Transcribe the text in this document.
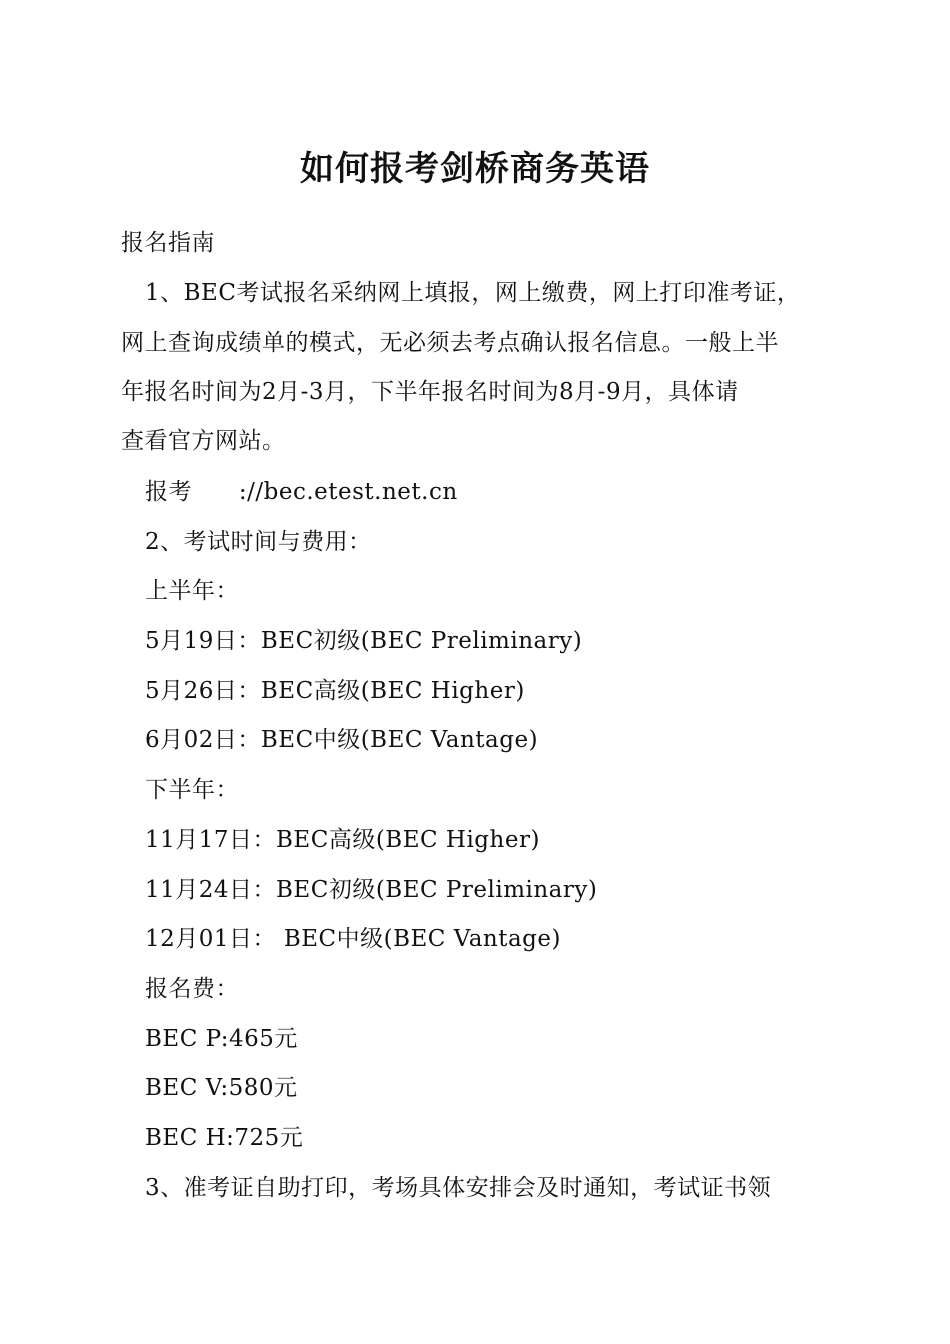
如何报考剑桥商务英语
报名指南
1、BEC考试报名采纳网上填报，网上缴费，网上打印准考证，
网上查询成绩单的模式，无必须去考点确认报名信息。一般上半
年报名时间为2月-3月，下半年报名时间为8月-9月，具体请
查看官方网站。
报考      ://bec.etest.net.cn
2、考试时间与费用：
上半年：
5月19日：BEC初级(BEC Preliminary)
5月26日：BEC高级(BEC Higher)
6月02日：BEC中级(BEC Vantage)
下半年：
11月17日：BEC高级(BEC Higher)
11月24日：BEC初级(BEC Preliminary)
12月01日： BEC中级(BEC Vantage)
报名费：
BEC P:465元
BEC V:580元
BEC H:725元
3、准考证自助打印，考场具体安排会及时通知，考试证书领
